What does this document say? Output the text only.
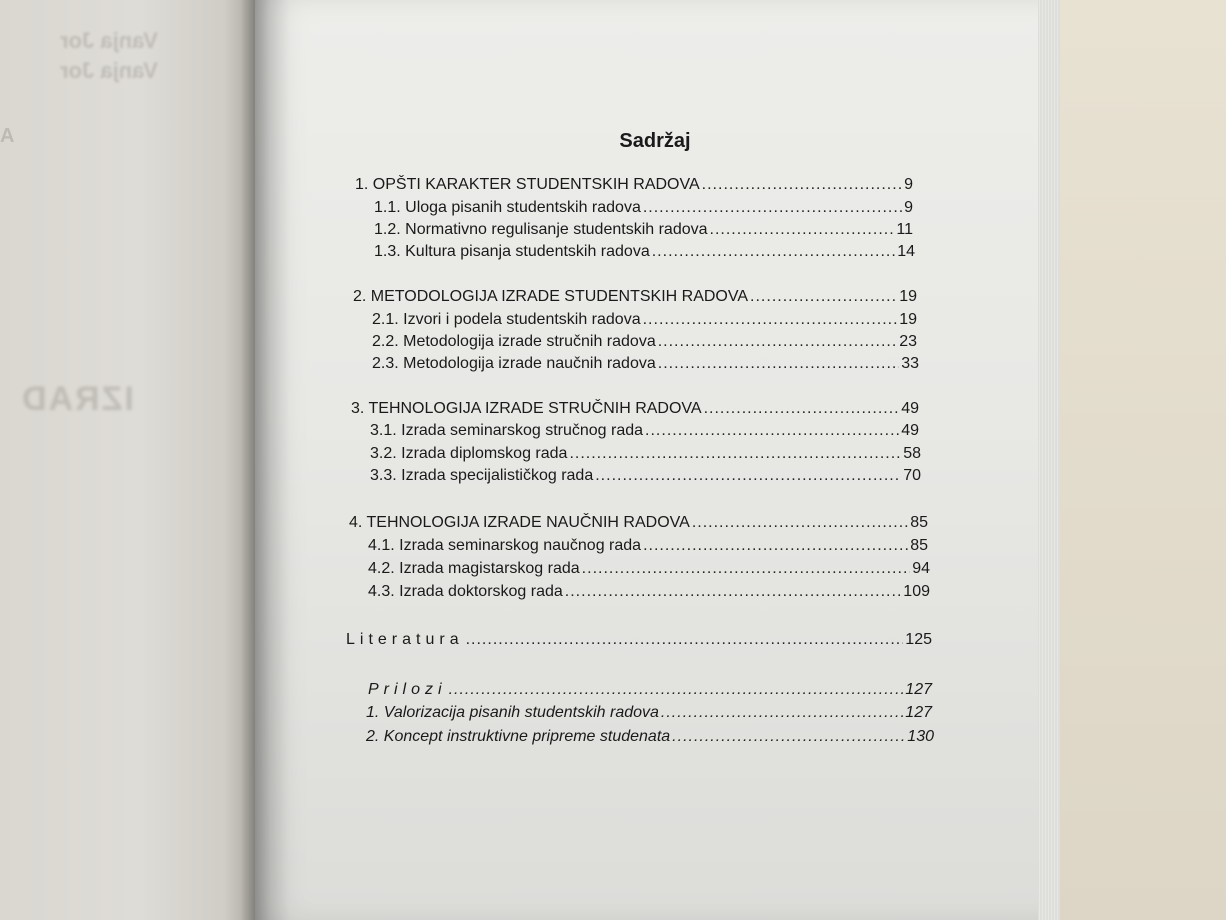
Vanja Jor
Vanja Jor
A
IZRAD
Sadržaj
1. OPŠTI KARAKTER STUDENTSKIH RADOVA .....	9
1.1. Uloga pisanih studentskih radova .....	9
1.2. Normativno regulisanje studentskih radova .....	11
1.3. Kultura pisanja studentskih radova .....	14
2. METODOLOGIJA IZRADE STUDENTSKIH RADOVA .....	19
2.1. Izvori i podela studentskih radova .....	19
2.2. Metodologija izrade stručnih radova .....	23
2.3. Metodologija izrade naučnih radova .....	33
3. TEHNOLOGIJA IZRADE STRUČNIH RADOVA .....	49
3.1. Izrada seminarskog stručnog rada .....	49
3.2. Izrada diplomskog rada .....	58
3.3. Izrada specijalističkog rada .....	70
4. TEHNOLOGIJA IZRADE NAUČNIH RADOVA .....	85
4.1. Izrada seminarskog naučnog rada .....	85
4.2. Izrada magistarskog rada .....	94
4.3. Izrada doktorskog rada .....	109
Literatura .....	125
Prilozi .....	127
1. Valorizacija pisanih studentskih radova .....	127
2. Koncept instruktivne pripreme studenata .....	130
